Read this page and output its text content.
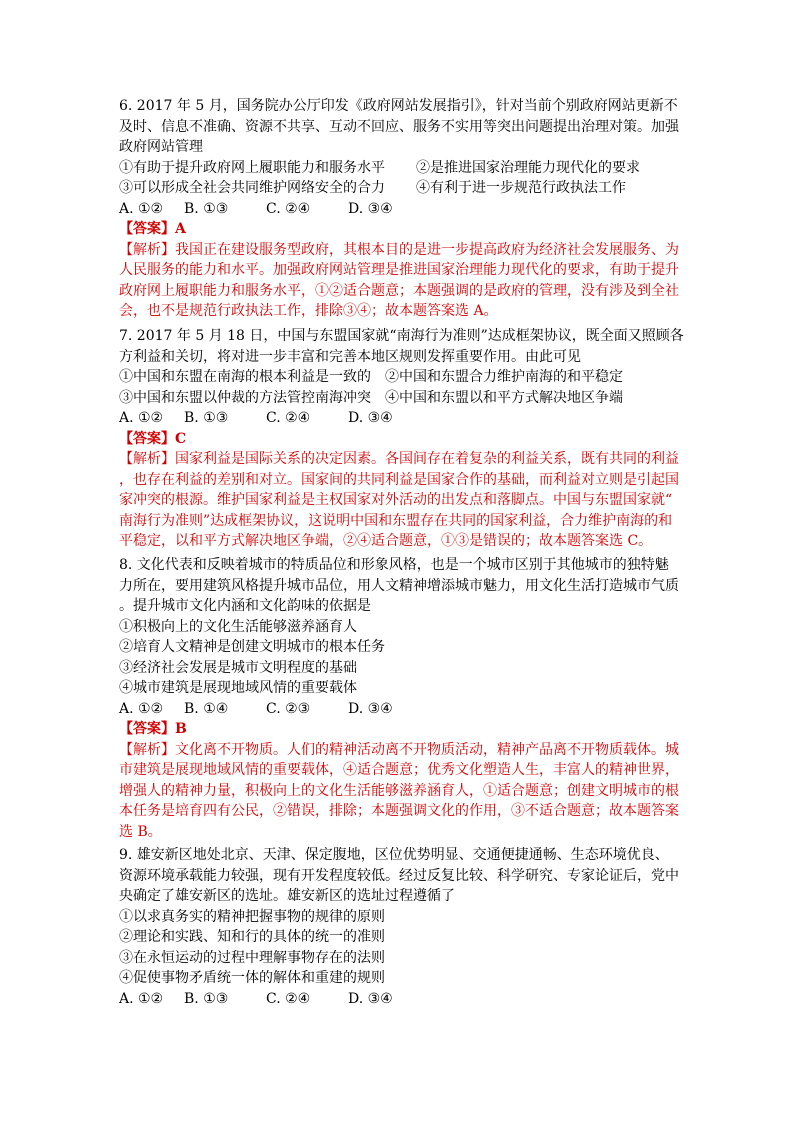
6. 2017 年 5 月，国务院办公厅印发《政府网站发展指引》，针对当前个别政府网站更新不
及时、信息不准确、资源不共享、互动不回应、服务不实用等突出问题提出治理对策。加强
政府网站管理
①有助于提升政府网上履职能力和服务水平 ②是推进国家治理能力现代化的要求
③可以形成全社会共同维护网络安全的合力 ④有利于进一步规范行政执法工作
A. ①② B. ①③	C. ②④	D. ③④
【答案】A
【解析】我国正在建设服务型政府，其根本目的是进一步提高政府为经济社会发展服务、为
人民服务的能力和水平。加强政府网站管理是推进国家治理能力现代化的要求，有助于提升
政府网上履职能力和服务水平，①②适合题意；本题强调的是政府的管理，没有涉及到全社
会，也不是规范行政执法工作，排除③④；故本题答案选 A。
7. 2017 年 5 月 18 日，中国与东盟国家就“南海行为准则”达成框架协议，既全面又照顾各
方利益和关切，将对进一步丰富和完善本地区规则发挥重要作用。由此可见
①中国和东盟在南海的根本利益是一致的 ②中国和东盟合力维护南海的和平稳定
③中国和东盟以仲裁的方法管控南海冲突 ④中国和东盟以和平方式解决地区争端
A. ①② B. ①③	C. ②④	D. ③④
【答案】C
【解析】国家利益是国际关系的决定因素。各国间存在着复杂的利益关系，既有共同的利益
，也存在利益的差别和对立。国家间的共同利益是国家合作的基础，而利益对立则是引起国
家冲突的根源。维护国家利益是主权国家对外活动的出发点和落脚点。中国与东盟国家就“
南海行为准则”达成框架协议，这说明中国和东盟存在共同的国家利益，合力维护南海的和
平稳定，以和平方式解决地区争端，②④适合题意，①③是错误的；故本题答案选 C。
8. 文化代表和反映着城市的特质品位和形象风格，也是一个城市区别于其他城市的独特魅
力所在，要用建筑风格提升城市品位，用人文精神增添城市魅力，用文化生活打造城市气质
。提升城市文化内涵和文化韵味的依据是
①积极向上的文化生活能够滋养涵育人
②培育人文精神是创建文明城市的根本任务
③经济社会发展是城市文明程度的基础
④城市建筑是展现地域风情的重要载体
A. ①② B. ①④	C. ②③	D. ③④
【答案】B
【解析】文化离不开物质。人们的精神活动离不开物质活动，精神产品离不开物质载体。城
市建筑是展现地域风情的重要载体，④适合题意；优秀文化塑造人生，丰富人的精神世界，
增强人的精神力量，积极向上的文化生活能够滋养涵育人，①适合题意；创建文明城市的根
本任务是培育四有公民，②错误，排除；本题强调文化的作用，③不适合题意；故本题答案
选 B。
9. 雄安新区地处北京、天津、保定腹地，区位优势明显、交通便捷通畅、生态环境优良、
资源环境承载能力较强，现有开发程度较低。经过反复比较、科学研究、专家论证后，党中
央确定了雄安新区的选址。雄安新区的选址过程遵循了
①以求真务实的精神把握事物的规律的原则
②理论和实践、知和行的具体的统一的准则
③在永恒运动的过程中理解事物存在的法则
④促使事物矛盾统一体的解体和重建的规则
A. ①② B. ①③	C. ②④	D. ③④
